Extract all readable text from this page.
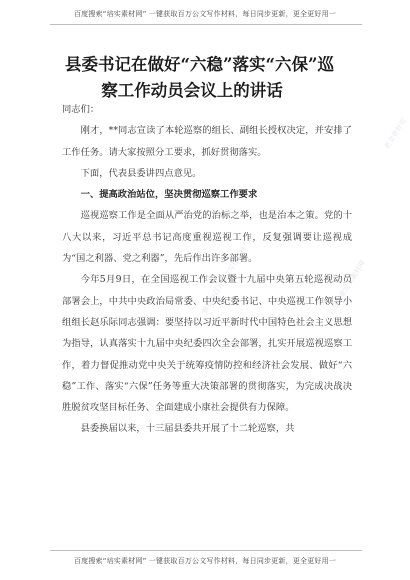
百度搜索“培实素材网” 一键获取百万公文写作材料，每日同步更新，更全更好用一
县委书记在做好“六稳”落实“六保”巡
察工作动员会议上的讲话

同志们：

刚才，**同志宣读了本轮巡察的组长、副组长授权决定，并安排了工作任务。请大家按照分工要求，抓好贯彻落实。

下面，代表县委讲四点意见。

一、提高政治站位，坚决贯彻巡察工作要求

巡视巡察工作是全面从严治党的治标之举，也是治本之策。党的十八大以来，习近平总书记高度重视巡视工作，反复强调要让巡视成为“国之利器、党之利器”，先后作出许多部署。

今年5月9日，在全国巡视工作会议暨十九届中央第五轮巡视动员部署会上，中共中央政治局常委、中央纪委书记、中央巡视工作领导小组组长赵乐际同志强调：要坚持以习近平新时代中国特色社会主义思想为指导，认真落实十九届中央纪委四次全会部署，扎实开展巡视巡察工作，着力督促推动党中央关于统筹疫情防控和经济社会发展、做好“六稳”工作、落实“六保”任务等重大决策部署的贯彻落实，为完成决战决胜脱贫攻坚目标任务、全面建成小康社会提供有力保障。

县委换届以来，十三届县委共开展了十二轮巡察，共

一键获取百万公文写作材料	百度搜索培实素材网
更全更好用
百度搜索“培实素材网” 一键获取百万公文写作材料，每日同步更新，更全更好用一
